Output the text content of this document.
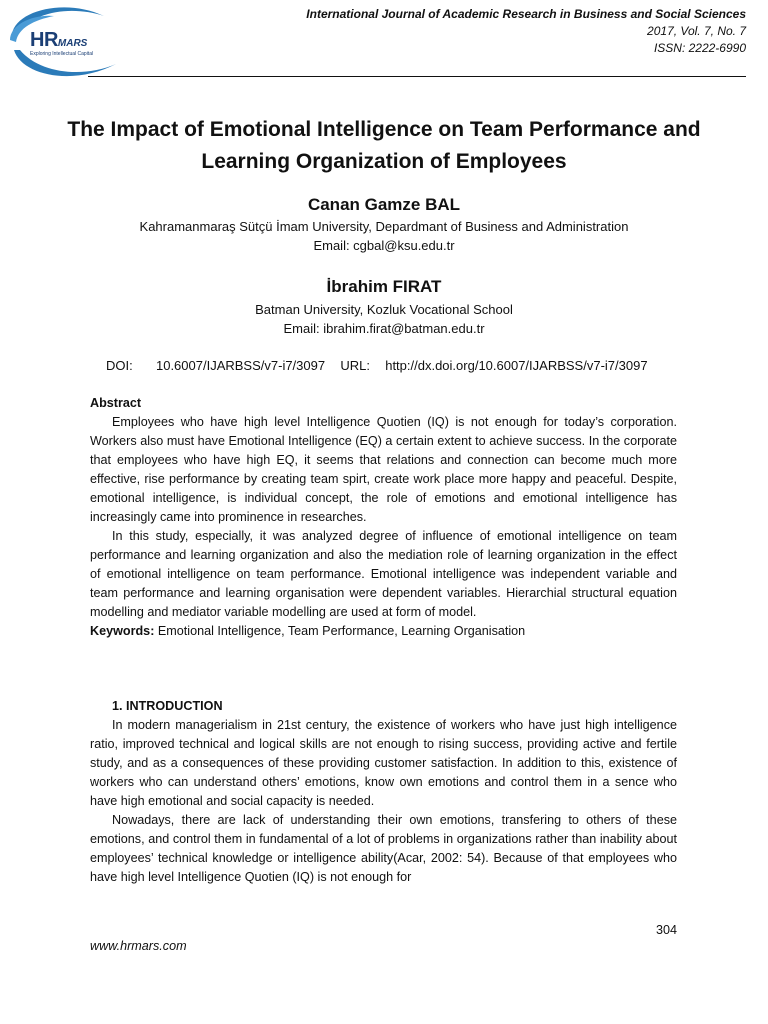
HRMARS
Exploring Intellectual Capital
International Journal of Academic Research in Business and Social Sciences
2017, Vol. 7, No. 7
ISSN: 2222-6990
The Impact of Emotional Intelligence on Team Performance and Learning Organization of Employees
Canan Gamze BAL
Kahramanmaraş Sütçü İmam University, Depardmant of Business and Administration
Email: cgbal@ksu.edu.tr
İbrahim FIRAT
Batman University, Kozluk Vocational School
Email: ibrahim.firat@batman.edu.tr
DOI: 10.6007/IJARBSS/v7-i7/3097 URL: http://dx.doi.org/10.6007/IJARBSS/v7-i7/3097
Abstract

Employees who have high level Intelligence Quotien (IQ) is not enough for today’s corporation. Workers also must have Emotional Intelligence (EQ) a certain extent to achieve success. In the corporate that employees who have high EQ, it seems that relations and connection can become much more effective, rise performance by creating team spirt, create work place more happy and peaceful. Despite, emotional intelligence, is individual concept, the role of emotions and emotional intelligence has increasingly came into prominence in researches.

In this study, especially, it was analyzed degree of influence of emotional intelligence on team performance and learning organization and also the mediation role of learning organization in the effect of emotional intelligence on team performance. Emotional intelligence was independent variable and team performance and learning organisation were dependent variables. Hierarchial structural equation modelling and mediator variable modelling are used at form of model.

Keywords: Emotional Intelligence, Team Performance, Learning Organisation
1. INTRODUCTION

In modern managerialism in 21st century, the existence of workers who have just high intelligence ratio, improved technical and logical skills are not enough to rising success, providing active and fertile study, and as a consequences of these providing customer satisfaction. In addition to this, existence of workers who can understand others’ emotions, know own emotions and control them in a sence who have high emotional and social capacity is needed.

Nowadays, there are lack of understanding their own emotions, transfering to others of these emotions, and control them in fundamental of a lot of problems in organizations rather than inability about employees’ technical knowledge or intelligence ability(Acar, 2002: 54). Because of that employees who have high level Intelligence Quotien (IQ) is not enough for

304
www.hrmars.com
